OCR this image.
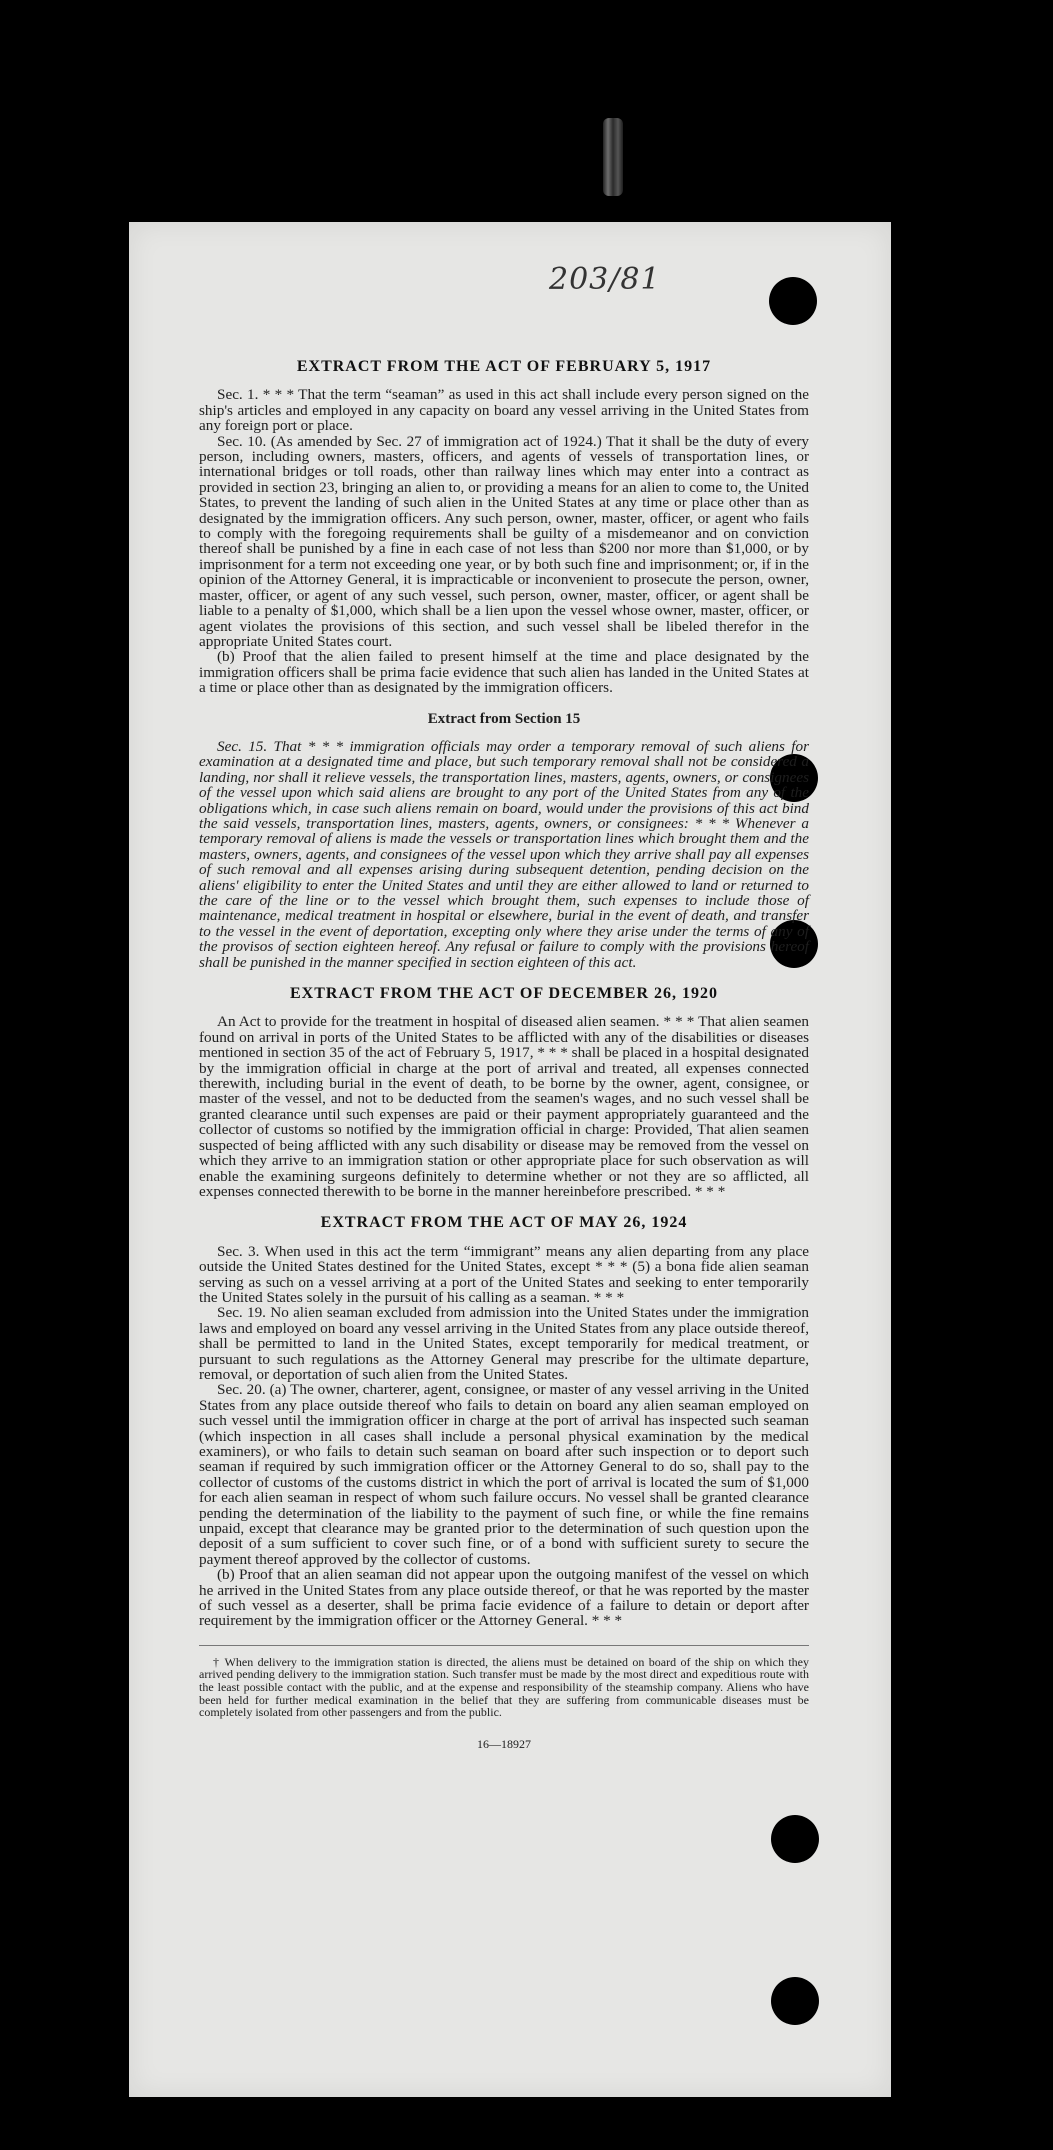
203/81
EXTRACT FROM THE ACT OF FEBRUARY 5, 1917

Sec. 1. * * * That the term “seaman” as used in this act shall include every person signed on the ship's articles and employed in any capacity on board any vessel arriving in the United States from any foreign port or place.

Sec. 10. (As amended by Sec. 27 of immigration act of 1924.) That it shall be the duty of every person, including owners, masters, officers, and agents of vessels of transportation lines, or international bridges or toll roads, other than railway lines which may enter into a contract as provided in section 23, bringing an alien to, or providing a means for an alien to come to, the United States, to prevent the landing of such alien in the United States at any time or place other than as designated by the immigration officers. Any such person, owner, master, officer, or agent who fails to comply with the foregoing requirements shall be guilty of a misdemeanor and on conviction thereof shall be punished by a fine in each case of not less than $200 nor more than $1,000, or by imprisonment for a term not exceeding one year, or by both such fine and imprisonment; or, if in the opinion of the Attorney General, it is impracticable or inconvenient to prosecute the person, owner, master, officer, or agent of any such vessel, such person, owner, master, officer, or agent shall be liable to a penalty of $1,000, which shall be a lien upon the vessel whose owner, master, officer, or agent violates the provisions of this section, and such vessel shall be libeled therefor in the appropriate United States court.

(b) Proof that the alien failed to present himself at the time and place designated by the immigration officers shall be prima facie evidence that such alien has landed in the United States at a time or place other than as designated by the immigration officers.

Extract from Section 15

Sec. 15. That * * * immigration officials may order a temporary removal of such aliens for examination at a designated time and place, but such temporary removal shall not be considered a landing, nor shall it relieve vessels, the transportation lines, masters, agents, owners, or consignees of the vessel upon which said aliens are brought to any port of the United States from any of the obligations which, in case such aliens remain on board, would under the provisions of this act bind the said vessels, transportation lines, masters, agents, owners, or consignees: * * * Whenever a temporary removal of aliens is made the vessels or transportation lines which brought them and the masters, owners, agents, and consignees of the vessel upon which they arrive shall pay all expenses of such removal and all expenses arising during subsequent detention, pending decision on the aliens' eligibility to enter the United States and until they are either allowed to land or returned to the care of the line or to the vessel which brought them, such expenses to include those of maintenance, medical treatment in hospital or elsewhere, burial in the event of death, and transfer to the vessel in the event of deportation, excepting only where they arise under the terms of any of the provisos of section eighteen hereof. Any refusal or failure to comply with the provisions hereof shall be punished in the manner specified in section eighteen of this act.

EXTRACT FROM THE ACT OF DECEMBER 26, 1920

An Act to provide for the treatment in hospital of diseased alien seamen. * * * That alien seamen found on arrival in ports of the United States to be afflicted with any of the disabilities or diseases mentioned in section 35 of the act of February 5, 1917, * * * shall be placed in a hospital designated by the immigration official in charge at the port of arrival and treated, all expenses connected therewith, including burial in the event of death, to be borne by the owner, agent, consignee, or master of the vessel, and not to be deducted from the seamen's wages, and no such vessel shall be granted clearance until such expenses are paid or their payment appropriately guaranteed and the collector of customs so notified by the immigration official in charge: Provided, That alien seamen suspected of being afflicted with any such disability or disease may be removed from the vessel on which they arrive to an immigration station or other appropriate place for such observation as will enable the examining surgeons definitely to determine whether or not they are so afflicted, all expenses connected therewith to be borne in the manner hereinbefore prescribed. * * *

EXTRACT FROM THE ACT OF MAY 26, 1924

Sec. 3. When used in this act the term “immigrant” means any alien departing from any place outside the United States destined for the United States, except * * * (5) a bona fide alien seaman serving as such on a vessel arriving at a port of the United States and seeking to enter temporarily the United States solely in the pursuit of his calling as a seaman. * * *

Sec. 19. No alien seaman excluded from admission into the United States under the immigration laws and employed on board any vessel arriving in the United States from any place outside thereof, shall be permitted to land in the United States, except temporarily for medical treatment, or pursuant to such regulations as the Attorney General may prescribe for the ultimate departure, removal, or deportation of such alien from the United States.

Sec. 20. (a) The owner, charterer, agent, consignee, or master of any vessel arriving in the United States from any place outside thereof who fails to detain on board any alien seaman employed on such vessel until the immigration officer in charge at the port of arrival has inspected such seaman (which inspection in all cases shall include a personal physical examination by the medical examiners), or who fails to detain such seaman on board after such inspection or to deport such seaman if required by such immigration officer or the Attorney General to do so, shall pay to the collector of customs of the customs district in which the port of arrival is located the sum of $1,000 for each alien seaman in respect of whom such failure occurs. No vessel shall be granted clearance pending the determination of the liability to the payment of such fine, or while the fine remains unpaid, except that clearance may be granted prior to the determination of such question upon the deposit of a sum sufficient to cover such fine, or of a bond with sufficient surety to secure the payment thereof approved by the collector of customs.

(b) Proof that an alien seaman did not appear upon the outgoing manifest of the vessel on which he arrived in the United States from any place outside thereof, or that he was reported by the master of such vessel as a deserter, shall be prima facie evidence of a failure to detain or deport after requirement by the immigration officer or the Attorney General. * * *

† When delivery to the immigration station is directed, the aliens must be detained on board of the ship on which they arrived pending delivery to the immigration station. Such transfer must be made by the most direct and expeditious route with the least possible contact with the public, and at the expense and responsibility of the steamship company. Aliens who have been held for further medical examination in the belief that they are suffering from communicable diseases must be completely isolated from other passengers and from the public.

16—18927
